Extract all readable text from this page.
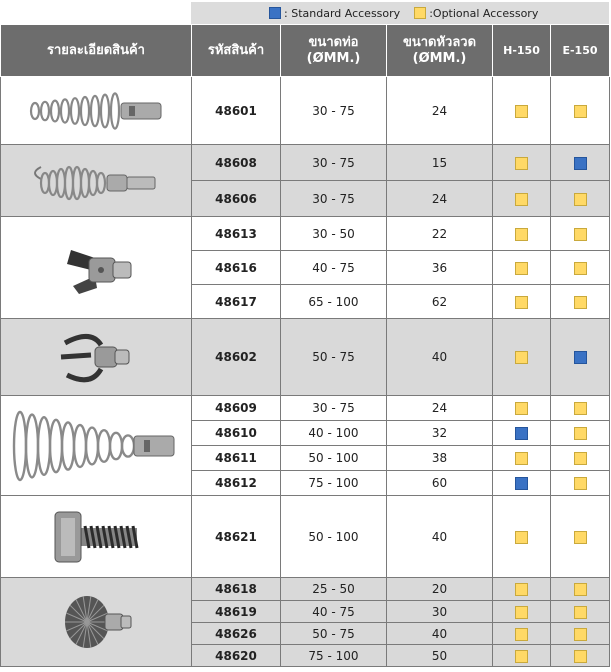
:
Standard Accessory	: Optional Accessory
รายละเอียดสินค้า	รหัสสินค้า	ขนาดท่อ
(ØMM.)	ขนาดหัวลวด
(ØMM.)	H-150	E-150

	48601	30 - 75	24		

	48608	30 - 75	15		
	48606	30 - 75	24		

	48613	30 - 50	22		
	48616	40 - 75	36		
	48617	65 - 100	62		

	48602	50 - 75	40		

	48609	30 - 75	24		
	48610	40 - 100	32		
	48611	50 - 100	38		
	48612	75 - 100	60		

	48621	50 - 100	40		

	48618	25 - 50	20		
	48619	40 - 75	30		
	48626	50 - 75	40		
	48620	75 - 100	50		
